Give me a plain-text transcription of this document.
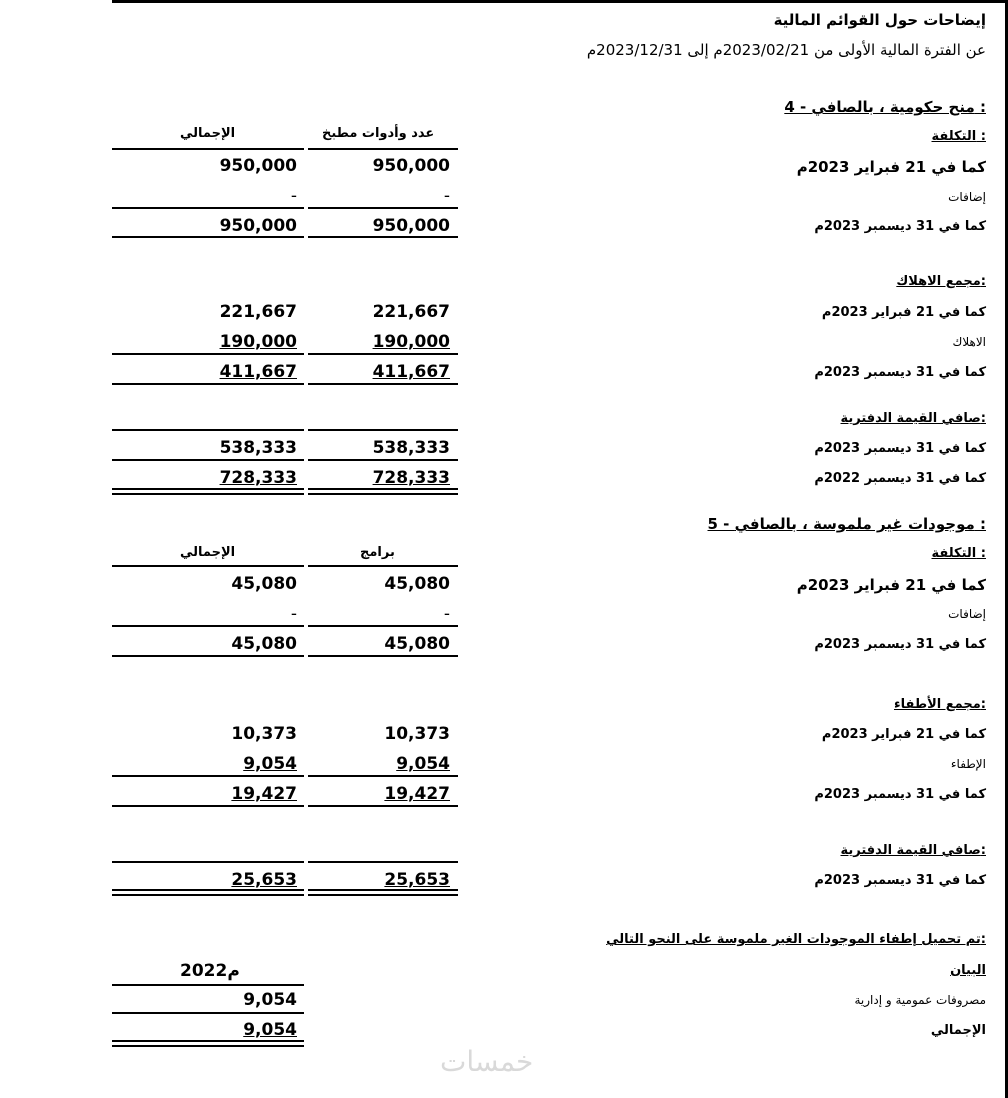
إيضاحات حول القوائم المالية
عن الفترة المالية الأولى من 2023/02/21م إلى 2023/12/31م
4 - منح حكومية ، بالصافي :
عدد وأدوات مطبخ
الإجمالي	التكلفة :
كما في 21 فبراير 2023م
950,000
950,000
إضافات
-
-
كما في 31 ديسمبر 2023م
950,000
950,000
مجمع الاهلاك:
كما في 21 فبراير 2023م
221,667
221,667
الاهلاك
190,000
190,000
كما في 31 ديسمبر 2023م
411,667
411,667
صافي القيمة الدفترية:
كما في 31 ديسمبر 2023م
538,333
538,333
كما في 31 ديسمبر 2022م
728,333
728,333
5 - موجودات غير ملموسة ، بالصافي :
برامج
الإجمالي	التكلفة :
كما في 21 فبراير 2023م
45,080
45,080
إضافات
-
-
كما في 31 ديسمبر 2023م
45,080
45,080
مجمع الأطفاء:
كما في 21 فبراير 2023م
10,373
10,373
الإطفاء
9,054
9,054
كما في 31 ديسمبر 2023م
19,427
19,427
صافي القيمة الدفترية:
كما في 31 ديسمبر 2023م
25,653
25,653
تم تحميل إطفاء الموجودات الغير ملموسة على النحو التالي:
البيان
2022م
مصروفات عمومية و إدارية
9,054
الإجمالي
9,054
خمسات
